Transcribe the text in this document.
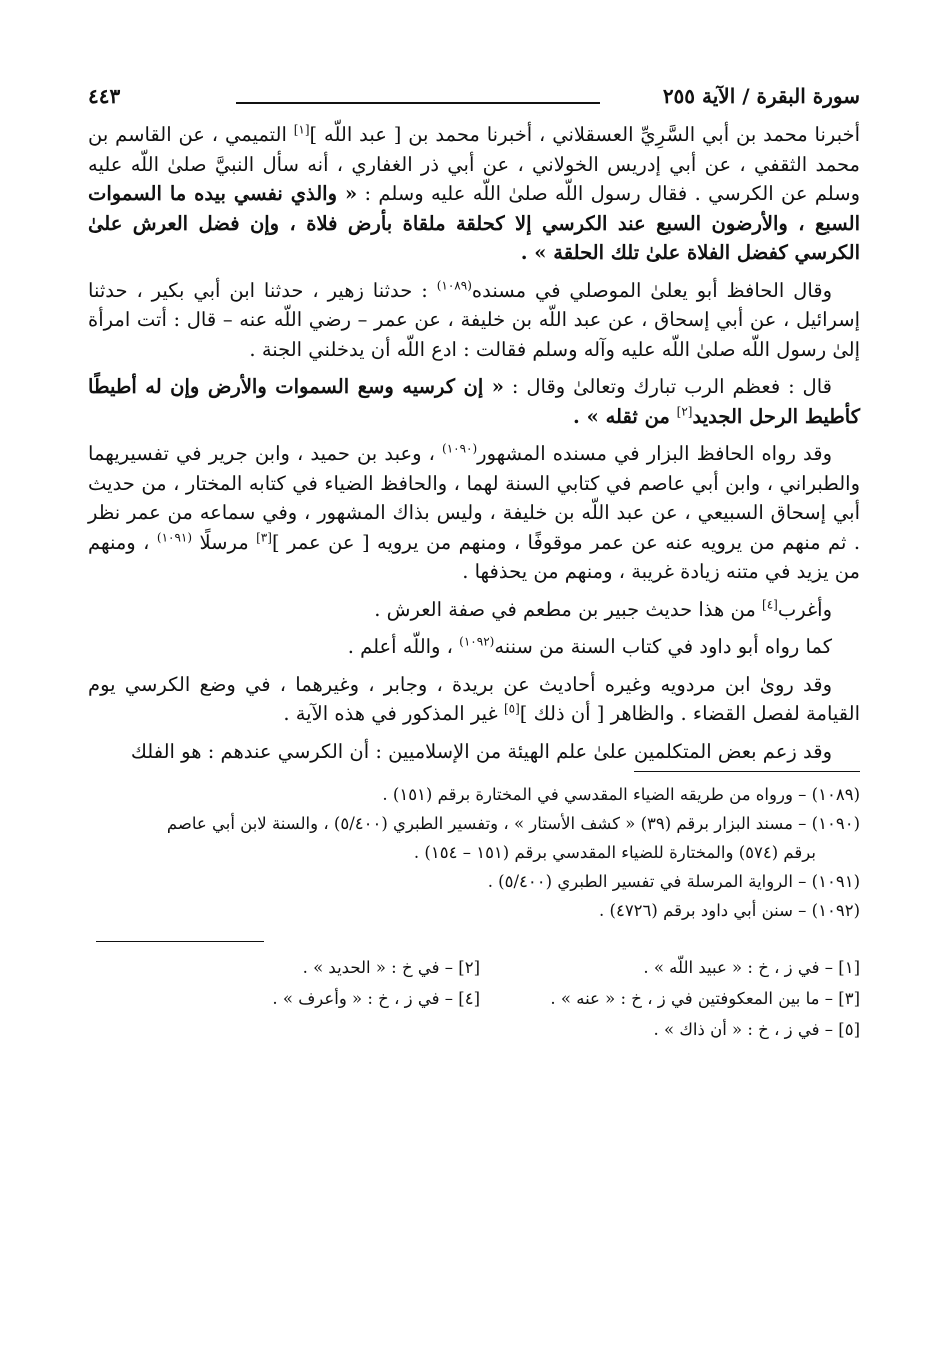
سورة البقرة / الآية ٢٥٥
٤٤٣

أخبرنا محمد بن أبي السَّرِيِّ العسقلاني ، أخبرنا محمد بن [ عبد اللّه ][١] التميمي ، عن القاسم بن محمد الثقفي ، عن أبي إدريس الخولاني ، عن أبي ذر الغفاري ، أنه سأل النبيَّ صلىٰ اللّه عليه وسلم عن الكرسي . فقال رسول اللّه صلىٰ اللّه عليه وسلم : « والذي نفسي بيده ما السموات السبع ، والأرضون السبع عند الكرسي إلا كحلقة ملقاة بأرض فلاة ، وإن فضل العرش علىٰ الكرسي كفضل الفلاة علىٰ تلك الحلقة » .

وقال الحافظ أبو يعلىٰ الموصلي في مسنده$^{(١٠٨٩)}$ : حدثنا زهير ، حدثنا ابن أبي بكير ، حدثنا إسرائيل ، عن أبي إسحاق ، عن عبد اللّه بن خليفة ، عن عمر – رضي اللّه عنه – قال : أتت امرأة إلىٰ رسول اللّه صلىٰ اللّه عليه وآله وسلم فقالت : ادع اللّه أن يدخلني الجنة .

قال : فعظم الرب تبارك وتعالىٰ وقال : « إن كرسيه وسع السموات والأرض وإن له أطيطًا كأطيط الرحل الجديد[٢] من ثقله » .

وقد رواه الحافظ البزار في مسنده المشهور$^{(١٠٩٠)}$ ، وعبد بن حميد ، وابن جرير في تفسيريهما والطبراني ، وابن أبي عاصم في كتابي السنة لهما ، والحافظ الضياء في كتابه المختار ، من حديث أبي إسحاق السبيعي ، عن عبد اللّه بن خليفة ، وليس بذاك المشهور ، وفي سماعه من عمر نظر . ثم منهم من يرويه عنه عن عمر موقوفًا ، ومنهم من يرويه [ عن عمر ][٣] مرسلًا $^{(١٠٩١)}$ ، ومنهم من يزيد في متنه زيادة غريبة ، ومنهم من يحذفها .

وأغرب[٤] من هذا حديث جبير بن مطعم في صفة العرش .

كما رواه أبو داود في كتاب السنة من سننه$^{(١٠٩٢)}$ ، واللّه أعلم .

وقد روىٰ ابن مردويه وغيره أحاديث عن بريدة ، وجابر ، وغيرهما ، في وضع الكرسي يوم القيامة لفصل القضاء . والظاهر [ أن ذلك ][٥] غير المذكور في هذه الآية .

وقد زعم بعض المتكلمين علىٰ علم الهيئة من الإسلاميين : أن الكرسي عندهم : هو الفلك

(١٠٨٩) – ورواه من طريقه الضياء المقدسي في المختارة برقم (١٥١) .
(١٠٩٠) – مسند البزار برقم (٣٩) « كشف الأستار » ، وتفسير الطبري (٥/٤٠٠) ، والسنة لابن أبي عاصم
برقم (٥٧٤) والمختارة للضياء المقدسي برقم (١٥١ – ١٥٤) .
(١٠٩١) – الرواية المرسلة في تفسير الطبري (٥/٤٠٠) .
(١٠٩٢) – سنن أبي داود برقم (٤٧٢٦) .
[١] – في ز ، خ : « عبيد اللّه » .
[٢] – في خ : « الحديد » .
[٣] – ما بين المعكوفتين في ز ، خ : « عنه » .
[٤] – في ز ، خ : « وأعرف » .
[٥] – في ز ، خ : « أن ذاك » .
